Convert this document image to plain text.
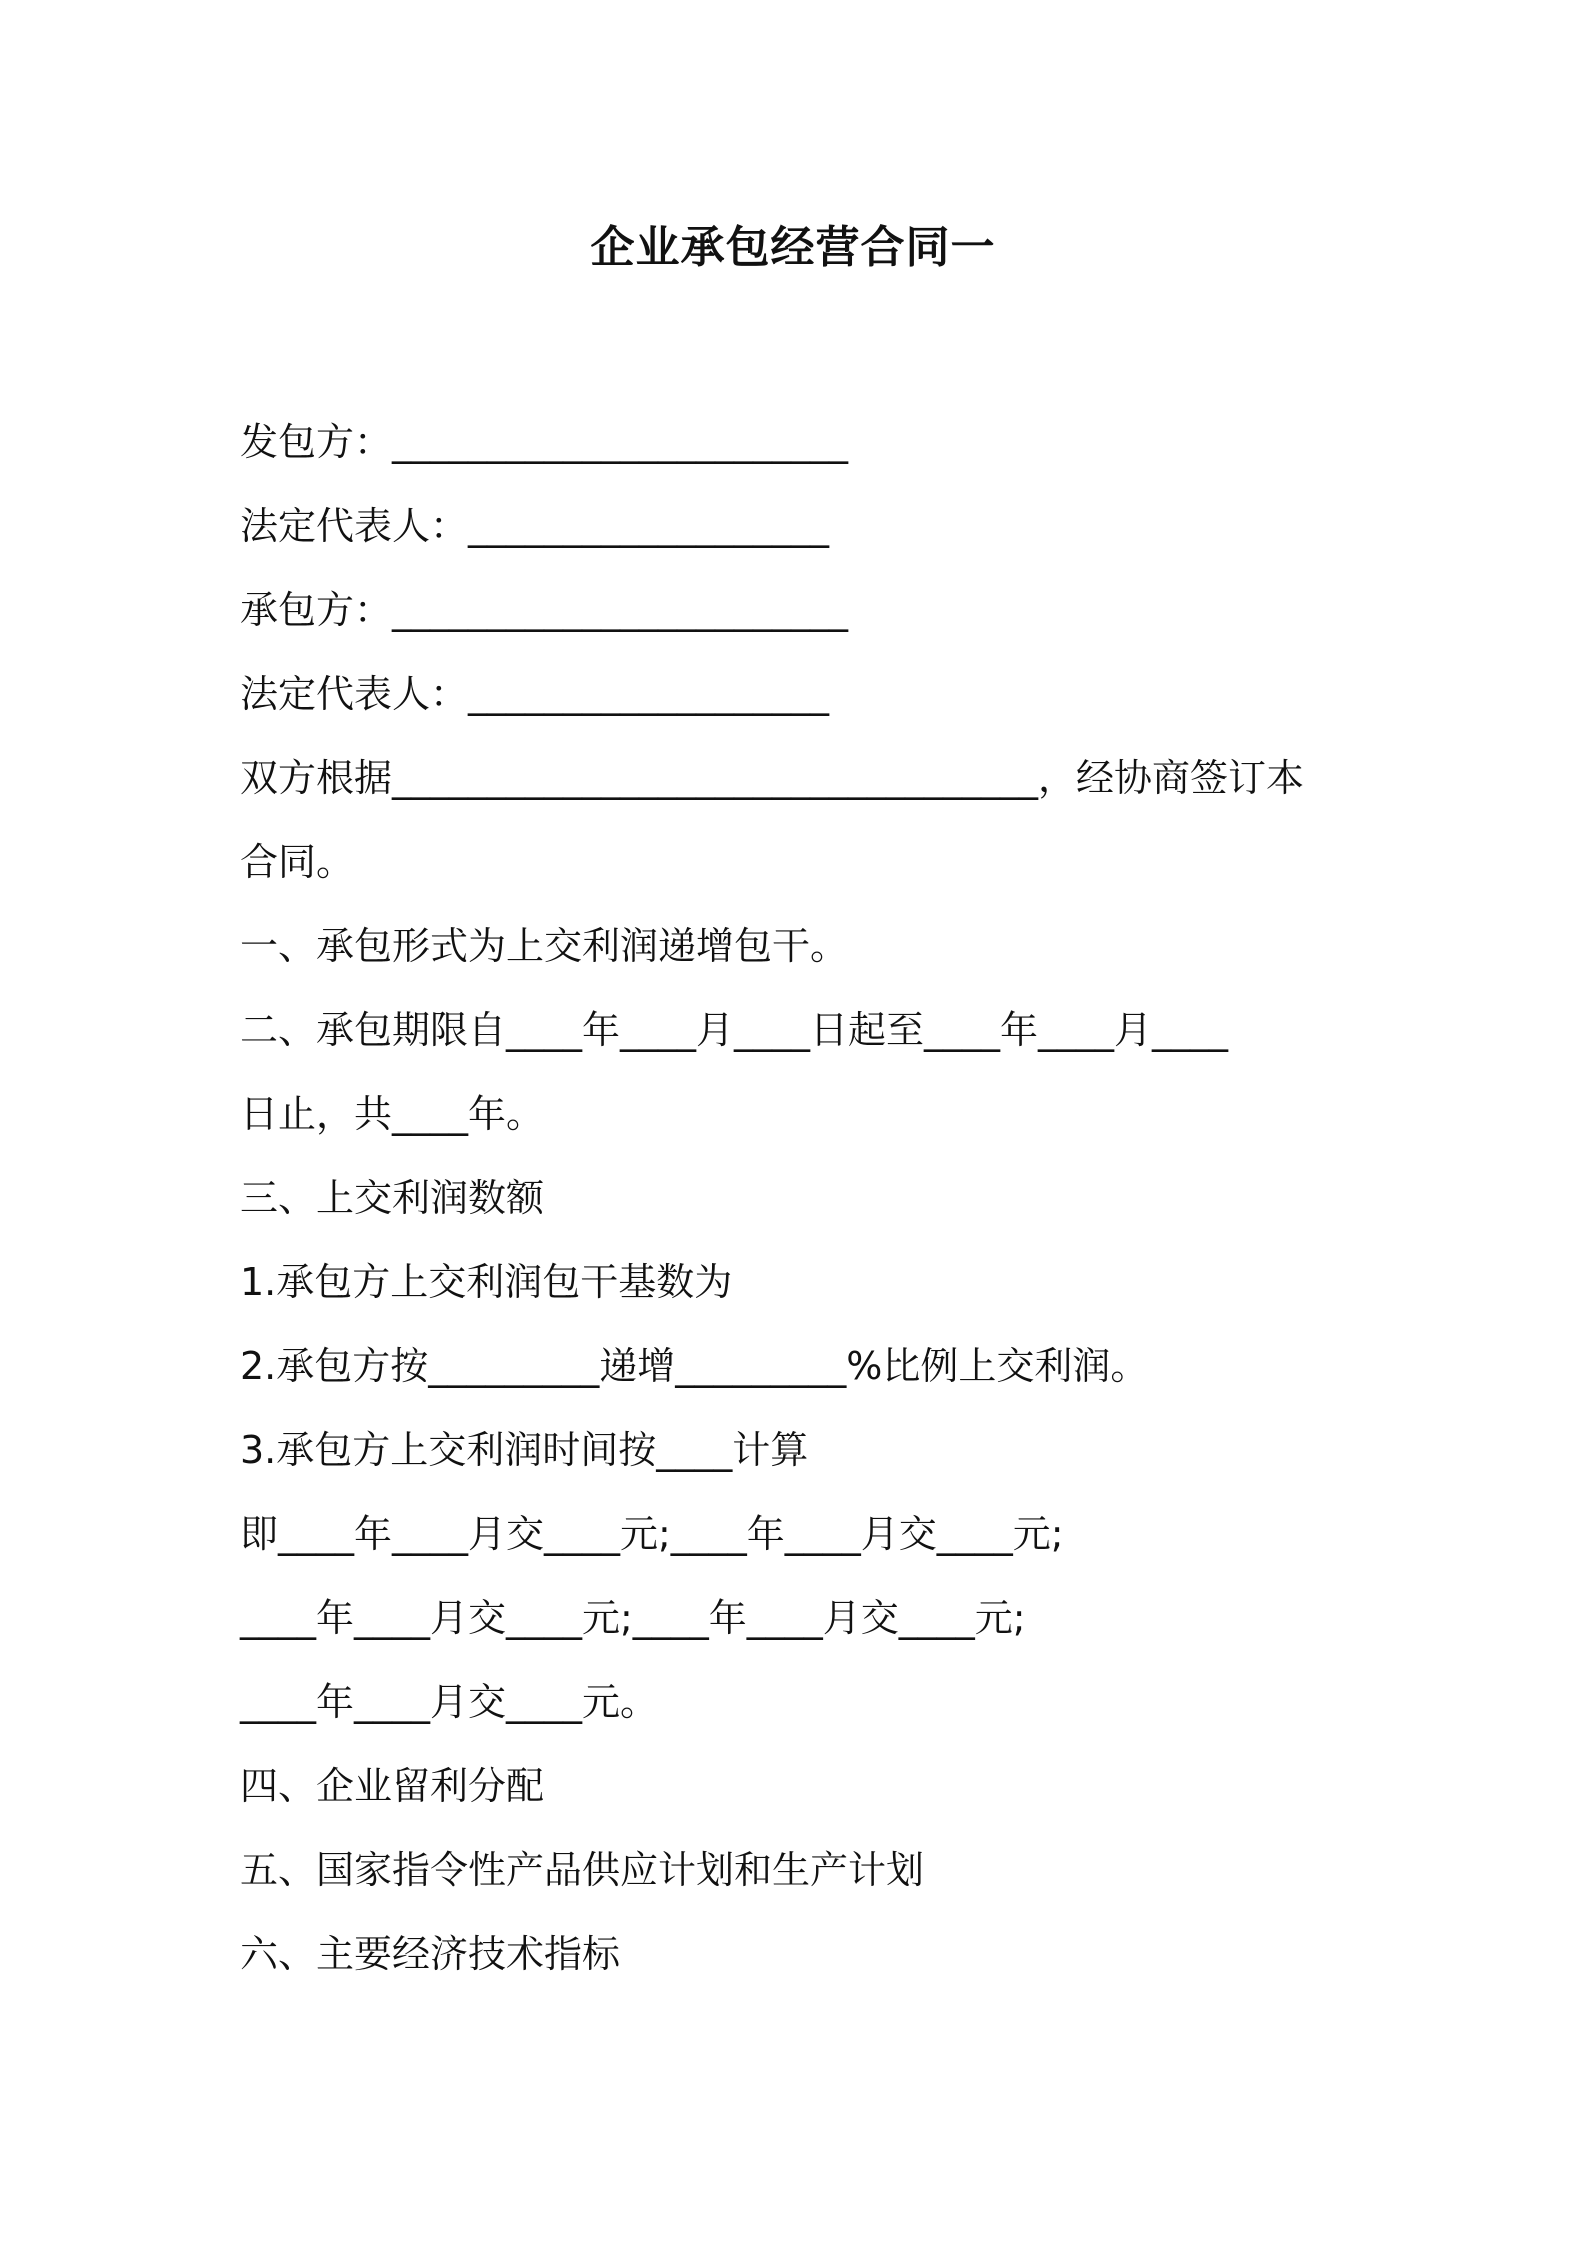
企业承包经营合同一

发包方：________________________

法定代表人：___________________

承包方：________________________

法定代表人：___________________

双方根据__________________________________，经协商签订本

合同。

一、承包形式为上交利润递增包干。

二、承包期限自____年____月____日起至____年____月____

日止，共____年。

三、上交利润数额

1.承包方上交利润包干基数为

2.承包方按_________递增_________%比例上交利润。

3.承包方上交利润时间按____计算

即____年____月交____元;____年____月交____元;

____年____月交____元;____年____月交____元;

____年____月交____元。

四、企业留利分配

五、国家指令性产品供应计划和生产计划

六、主要经济技术指标
